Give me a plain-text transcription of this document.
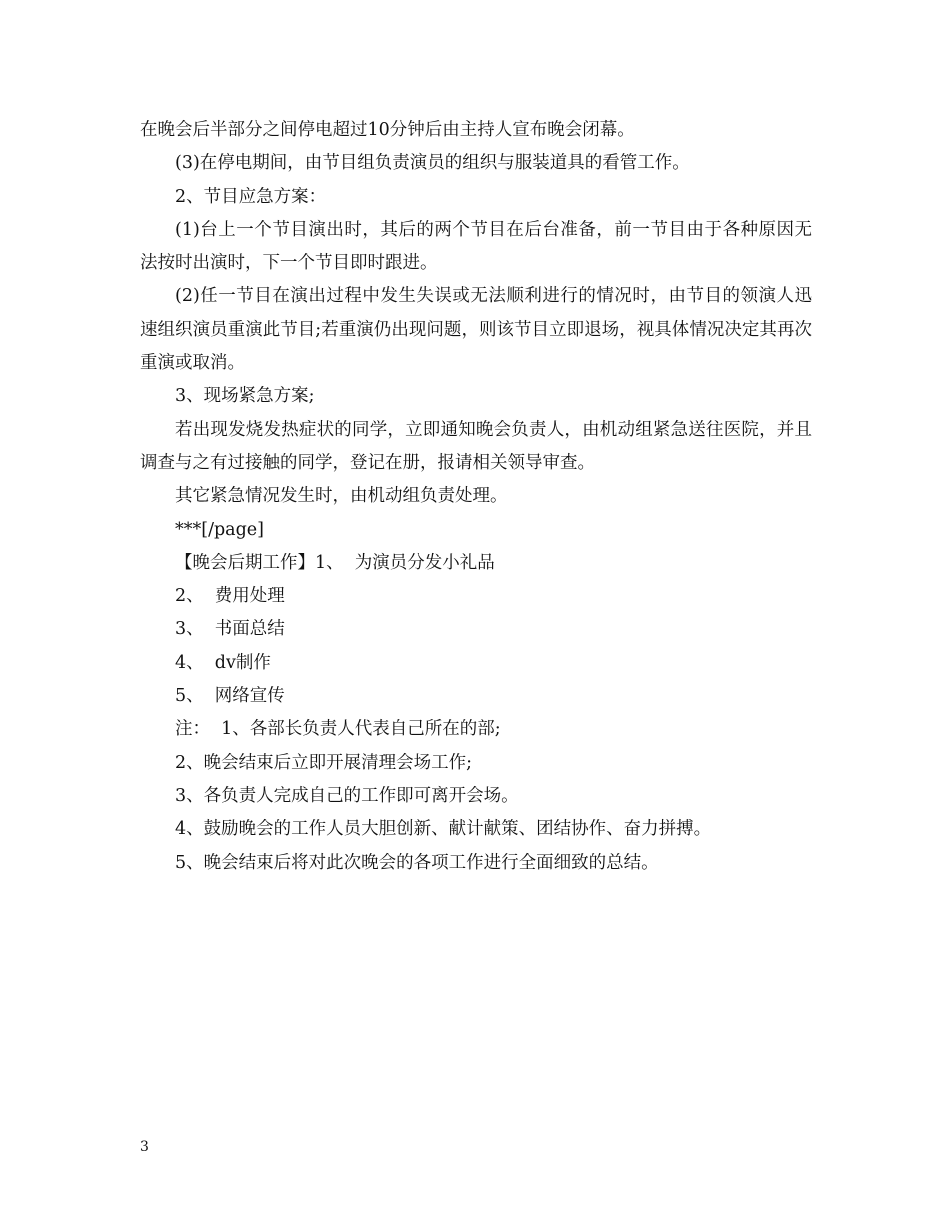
在晚会后半部分之间停电超过10分钟后由主持人宣布晚会闭幕。

(3)在停电期间，由节目组负责演员的组织与服装道具的看管工作。

2、节目应急方案：

(1)台上一个节目演出时，其后的两个节目在后台准备，前一节目由于各种原因无法按时出演时，下一个节目即时跟进。

(2)任一节目在演出过程中发生失误或无法顺利进行的情况时，由节目的领演人迅速组织演员重演此节目;若重演仍出现问题，则该节目立即退场，视具体情况决定其再次重演或取消。

3、现场紧急方案;

若出现发烧发热症状的同学，立即通知晚会负责人，由机动组紧急送往医院，并且调查与之有过接触的同学，登记在册，报请相关领导审查。

其它紧急情况发生时，由机动组负责处理。

***[/page]

【晚会后期工作】1、  为演员分发小礼品

2、  费用处理

3、  书面总结

4、  dv制作

5、  网络宣传

注：  1、各部长负责人代表自己所在的部;

2、晚会结束后立即开展清理会场工作;

3、各负责人完成自己的工作即可离开会场。

4、鼓励晚会的工作人员大胆创新、献计献策、团结协作、奋力拼搏。

5、晚会结束后将对此次晚会的各项工作进行全面细致的总结。

3
